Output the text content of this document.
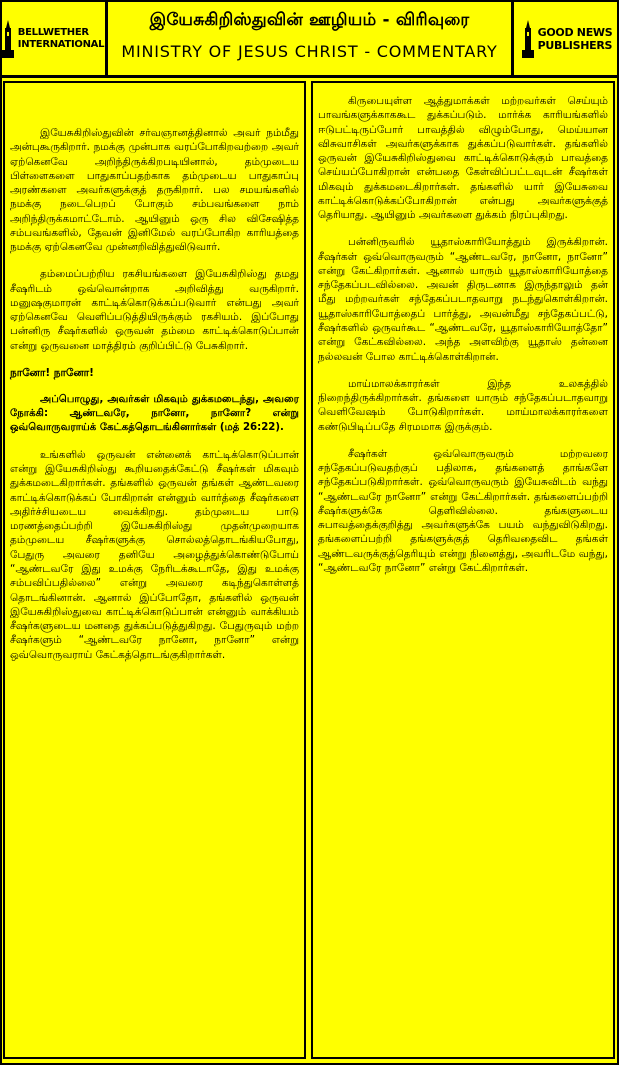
BELLWETHER
INTERNATIONAL
இயேசுகிறிஸ்துவின் ஊழியம் - விரிவுரை
MINISTRY OF JESUS CHRIST - COMMENTARY
GOOD NEWS
PUBLISHERS

இயேசுகிறிஸ்துவின் சர்வஞானத்தினால் அவர் நம்மீது அன்புகூருகிறார். நமக்கு முன்பாக வரப்போகிறவற்றை அவர் ஏற்கெனவே அறிந்திருக்கிறபடியினால், தம்முடைய பிள்ளைகளை பாதுகாப்பதற்காக தம்முடைய பாதுகாப்பு அரண்களை அவர்களுக்குத் தருகிறார். பல சமயங்களில் நமக்கு நடைபெறப் போகும் சம்பவங்களை நாம் அறிந்திருக்கமாட்டோம். ஆயினும் ஒரு சில விசேஷித்த சம்பவங்களில், தேவன் இனிமேல் வரப்போகிற காரியத்தை நமக்கு ஏற்கெனவே முன்னறிவித்துவிடுவார்.

தம்மைப்பற்றிய ரகசியங்களை இயேசுகிறிஸ்து தமது சீஷரிடம் ஒவ்வொன்றாக அறிவித்து வருகிறார். மனுஷகுமாரன் காட்டிக்கொடுக்கப்படுவார் என்பது அவர் ஏற்கெனவே வெளிப்படுத்தியிருக்கும் ரகசியம். இப்போது பன்னிரு சீஷர்களில் ஒருவன் தம்மை காட்டிக்கொடுப்பான் என்று ஒருவனை மாத்திரம் குறிப்பிட்டு பேசுகிறார்.

நானோ! நானோ!

அப்பொழுது, அவர்கள் மிகவும் துக்கமடைந்து, அவரை நோக்கி: ஆண்டவரே, நானோ, நானோ? என்று ஒவ்வொருவராய்க் கேட்கத்தொடங்கினார்கள் (மத் 26:22).

உங்களில் ஒருவன் என்னைக் காட்டிக்கொடுப்பான் என்று இயேசுகிறிஸ்து கூறியதைக்கேட்டு சீஷர்கள் மிகவும் துக்கமடைகிறார்கள். தங்களில் ஒருவன் தங்கள் ஆண்டவரை காட்டிக்கொடுக்கப் போகிறான் என்னும் வார்த்தை சீஷர்களை அதிர்ச்சியடைய வைக்கிறது. தம்முடைய பாடு மரணத்தைப்பற்றி இயேசுகிறிஸ்து முதன்முறையாக தம்முடைய சீஷர்களுக்கு சொல்லத்தொடங்கியபோது, பேதுரு அவரை தனியே அழைத்துக்கொண்டுபோய் “ஆண்டவரே இது உமக்கு நேரிடக்கூடாதே, இது உமக்கு சம்பவிப்பதில்லை” என்று அவரை கடிந்துகொள்ளத் தொடங்கினான். ஆனால் இப்போதோ, தங்களில் ஒருவன் இயேசுகிறிஸ்துவை காட்டிக்கொடுப்பான் என்னும் வாக்கியம் சீஷர்களுடைய மனதை துக்கப்படுத்துகிறது. பேதுருவும் மற்ற சீஷர்களும் “ஆண்டவரே நானோ, நானோ” என்று ஒவ்வொருவராய் கேட்கத்தொடங்குகிறார்கள்.

கிருபையுள்ள ஆத்துமாக்கள் மற்றவர்கள் செய்யும் பாவங்களுக்காககூட துக்கப்படும். மார்க்க காரியங்களில் ஈடுபட்டிருப்போர் பாவத்தில் விழும்போது, மெய்யான விசுவாசிகள் அவர்களுக்காக துக்கப்படுவார்கள். தங்களில் ஒருவன் இயேசுகிறிஸ்துவை காட்டிக்கொடுக்கும் பாவத்தை செய்யப்போகிறான் என்பதை கேள்விப்பட்டவுடன் சீஷர்கள் மிகவும் துக்கமடைகிறார்கள். தங்களில் யார் இயேசுவை காட்டிக்கொடுக்கப்போகிறான் என்பது அவர்களுக்குத் தெரியாது. ஆயினும் அவர்களை துக்கம் நிரப்புகிறது.

பன்னிருவரில் யூதாஸ்காரியோத்தும் இருக்கிறான். சீஷர்கள் ஒவ்வொருவரும் “ஆண்டவரே, நானோ, நானோ” என்று கேட்கிறார்கள். ஆனால் யாரும் யூதாஸ்காரியோத்தை சந்தேகப்படவில்லை. அவன் திருடனாக இருந்தாலும் தன் மீது மற்றவர்கள் சந்தேகப்படாதவாறு நடந்துகொள்கிறான். யூதாஸ்காரியோத்தைப் பார்த்து, அவன்மீது சந்தேகப்பட்டு, சீஷர்களில் ஒருவர்கூட “ஆண்டவரே, யூதாஸ்காரியோத்தோ” என்று கேட்கவில்லை. அந்த அளவிற்கு யூதாஸ் தன்னை நல்லவன் போல காட்டிக்கொள்கிறான்.

மாய்மாலக்காரர்கள் இந்த உலகத்தில் நிறைந்திருக்கிறார்கள். தங்களை யாரும் சந்தேகப்படாதவாறு வெளிவேஷம் போடுகிறார்கள். மாய்மாலக்காரர்களை கண்டுபிடிப்பதே சிரமமாக இருக்கும்.

சீஷர்கள் ஒவ்வொருவரும் மற்றவரை சந்தேகப்படுவதற்குப் பதிலாக, தங்களைத் தாங்களே சந்தேகப்படுகிறார்கள். ஒவ்வொருவரும் இயேசுவிடம் வந்து “ஆண்டவரே நானோ” என்று கேட்கிறார்கள். தங்களைப்பற்றி சீஷர்களுக்கே தெளிவில்லை. தங்களுடைய சுபாவத்தைக்குறித்து அவர்களுக்கே பயம் வந்துவிடுகிறது. தங்களைப்பற்றி தங்களுக்குத் தெரிவதைவிட தங்கள் ஆண்டவருக்குத்தெரியும் என்று நினைத்து, அவரிடமே வந்து, “ஆண்டவரே நானோ” என்று கேட்கிறார்கள்.
